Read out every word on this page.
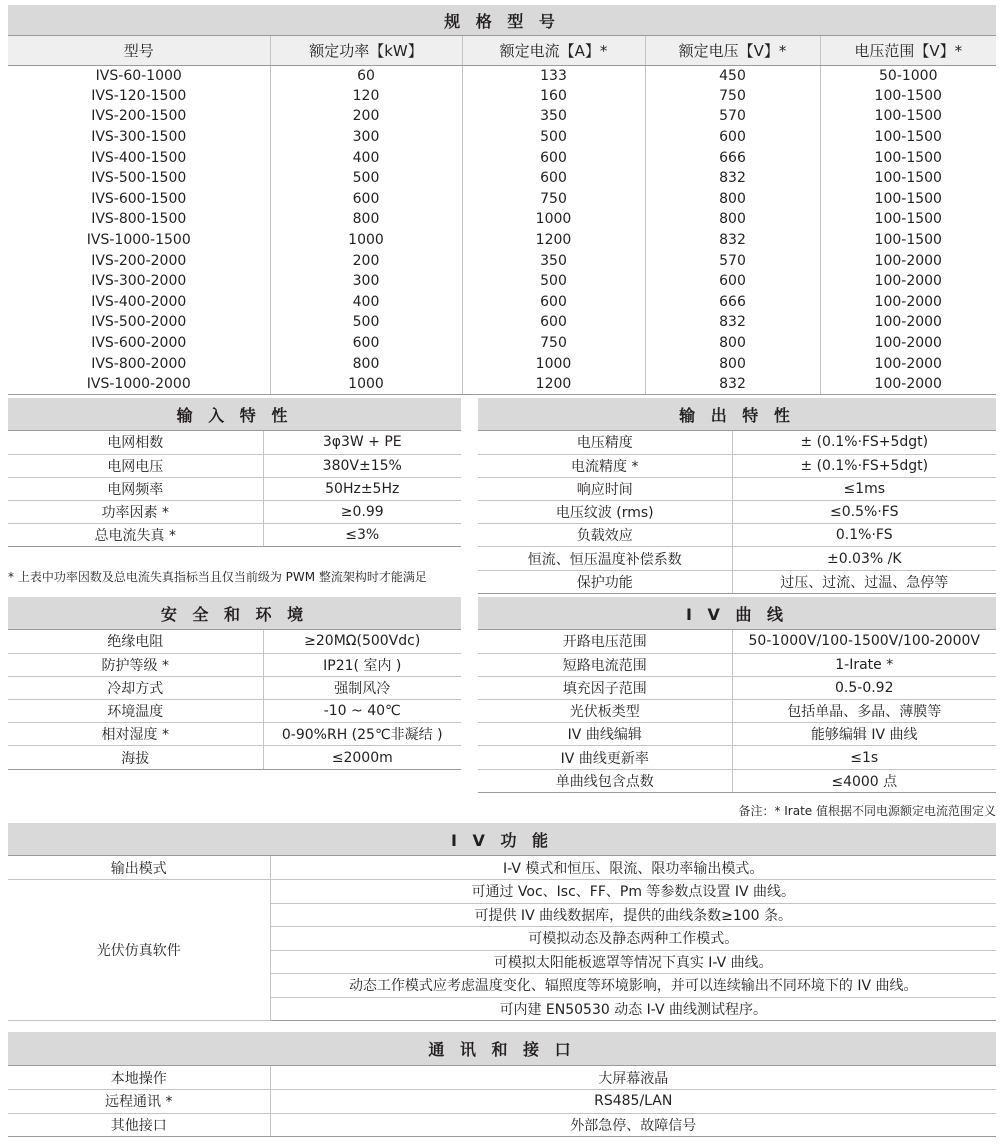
规 格 型 号
型号	额定功率【kW】	额定电流【A】*	额定电压【V】*	电压范围【V】*
IVS-60-1000	60	133	450	50-1000
IVS-120-1500	120	160	750	100-1500
IVS-200-1500	200	350	570	100-1500
IVS-300-1500	300	500	600	100-1500
IVS-400-1500	400	600	666	100-1500
IVS-500-1500	500	600	832	100-1500
IVS-600-1500	600	750	800	100-1500
IVS-800-1500	800	1000	800	100-1500
IVS-1000-1500	1000	1200	832	100-1500
IVS-200-2000	200	350	570	100-2000
IVS-300-2000	300	500	600	100-2000
IVS-400-2000	400	600	666	100-2000
IVS-500-2000	500	600	832	100-2000
IVS-600-2000	600	750	800	100-2000
IVS-800-2000	800	1000	800	100-2000
IVS-1000-2000	1000	1200	832	100-2000
输 入 特 性
电网相数	3φ3W + PE
电网电压	380V±15%
电网频率	50Hz±5Hz
功率因素 *	≥0.99
总电流失真 *	≤3%
* 上表中功率因数及总电流失真指标当且仅当前级为 PWM 整流架构时才能满足
输 出 特 性
电压精度	± (0.1%·FS+5dgt)
电流精度 *	± (0.1%·FS+5dgt)
响应时间	≤1ms
电压纹波 (rms)	≤0.5%·FS
负载效应	0.1%·FS
恒流、恒压温度补偿系数	±0.03% /K
保护功能	过压、过流、过温、急停等
安 全 和 环 境
绝缘电阻	≥20MΩ(500Vdc)
防护等级 *	IP21( 室内 )
冷却方式	强制风冷
环境温度	-10 ~ 40℃
相对湿度 *	0-90%RH (25℃非凝结 )
海拔	≤2000m
I V 曲 线
开路电压范围	50-1000V/100-1500V/100-2000V
短路电流范围	1-Irate *
填充因子范围	0.5-0.92
光伏板类型	包括单晶、多晶、薄膜等
IV 曲线编辑	能够编辑 IV 曲线
IV 曲线更新率	≤1s
单曲线包含点数	≤4000 点
备注：* Irate 值根据不同电源额定电流范围定义
I V 功 能
输出模式	I-V 模式和恒压、限流、限功率输出模式。
光伏仿真软件	可通过 Voc、Isc、FF、Pm 等参数点设置 IV 曲线。
	可提供 IV 曲线数据库，提供的曲线条数≥100 条。
	可模拟动态及静态两种工作模式。
	可模拟太阳能板遮罩等情况下真实 I-V 曲线。
	动态工作模式应考虑温度变化、辐照度等环境影响，并可以连续输出不同环境下的 IV 曲线。
	可内建 EN50530 动态 I-V 曲线测试程序。
通 讯 和 接 口
本地操作	大屏幕液晶
远程通讯 *	RS485/LAN
其他接口	外部急停、故障信号
